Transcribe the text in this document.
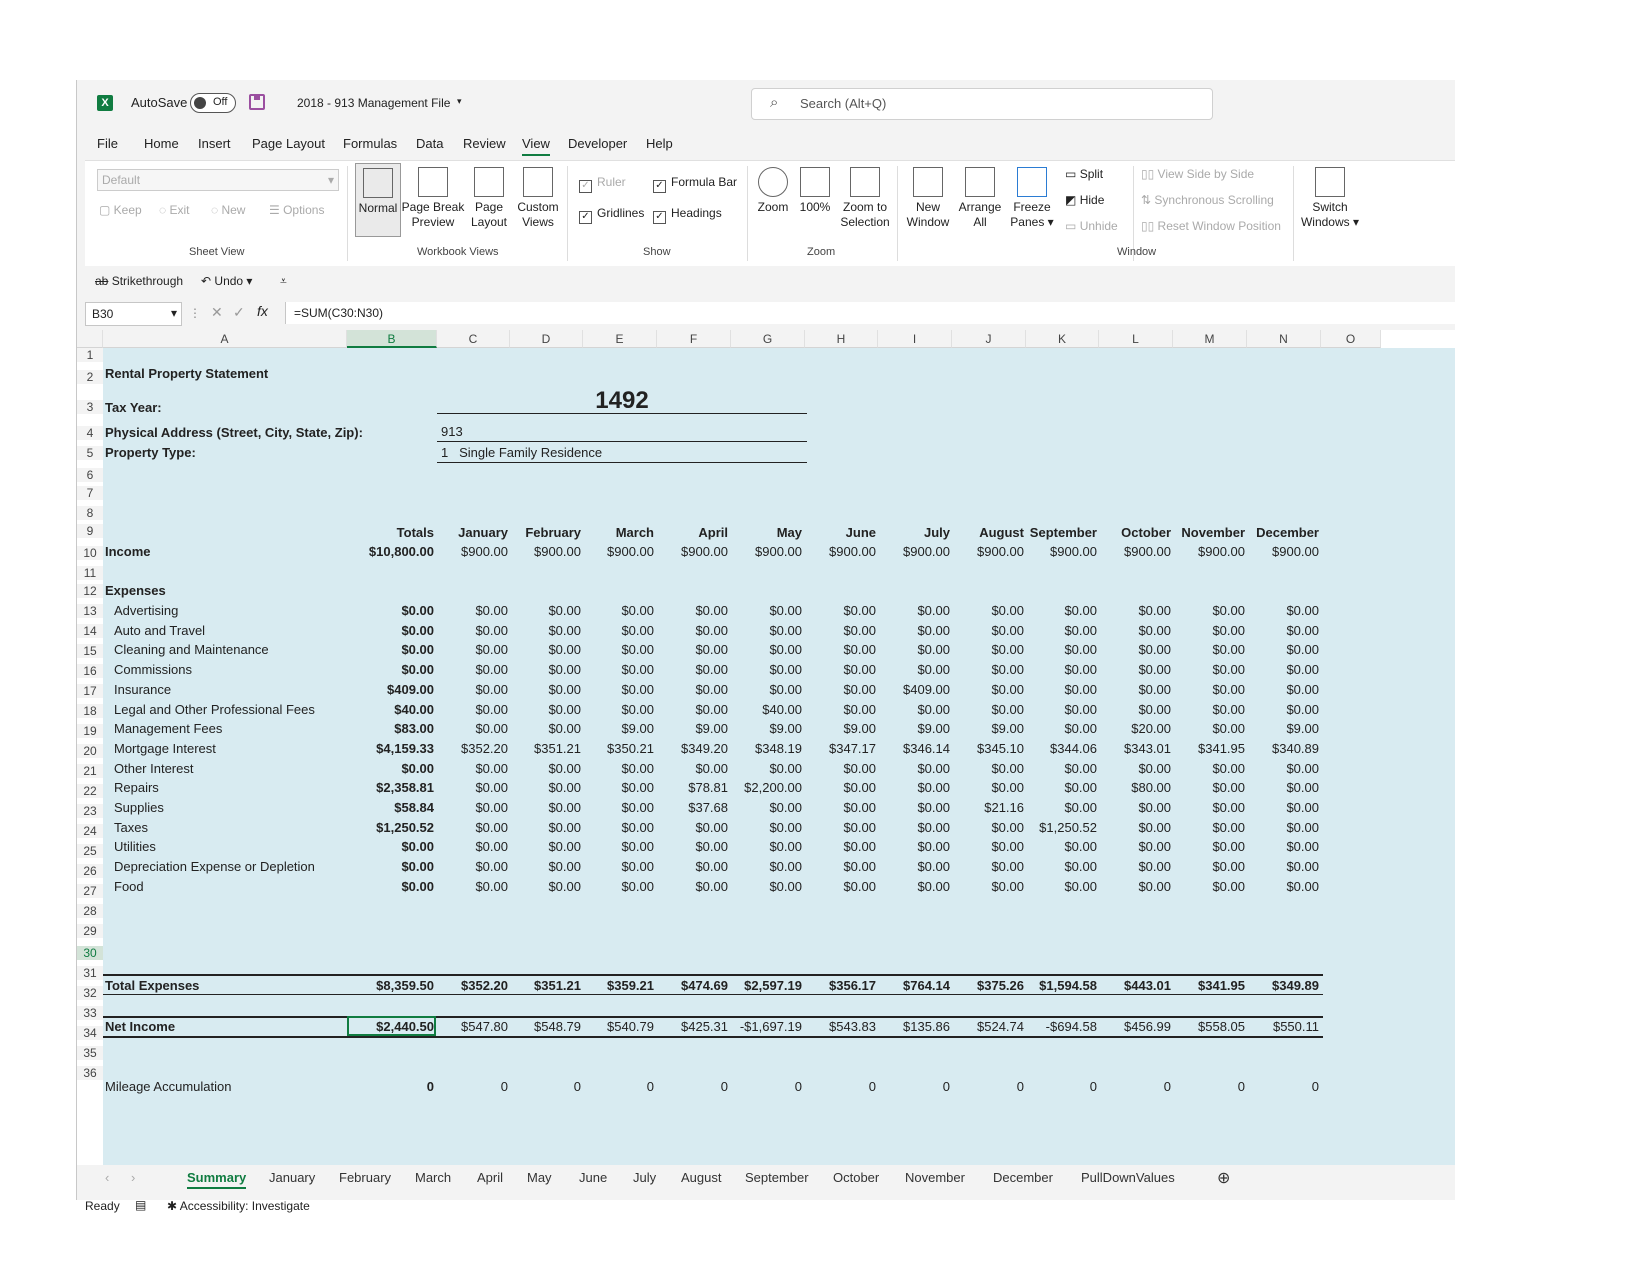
X	AutoSave Off	2018 - 913 Management File ▾	⌕ Search (Alt+Q)
File Home Insert Page Layout Formulas Data Review View Developer Help
Default	▾
▢ Keep ◌ Exit ◌ New ☰ Options
Sheet View
Normal Page Break
Preview
Page
Layout
Custom
Views
Workbook Views
✓ Ruler	✓ Formula Bar
✓ Gridlines ✓ Headings
Show
Zoom 100%	Zoom to
Selection
Zoom
New
Window
Arrange
All
Freeze
Panes ▾
▭ Split
◩ Hide
▭ Unhide
▯▯ View Side by Side
⇅ Synchronous Scrolling
▯▯ Reset Window Position
Switch
Windows ▾
Window
ab Strikethrough ↶ Undo ▾ ⩡
B30	▾ ⋮ ✕ ✓ fx =SUM(C30:N30)
A	B	C	D	E	F	G	H	I	J	K	L	M	N	O
1
2
3
4
5
6
7
8
9
10
11
12
13
14
15
16
17
18
19
20
21
22
23
24
25
26
27
28
29
30
31
32
33
34
35
36
Rental Property Statement
Tax Year:	1492
Physical Address (Street, City, State, Zip):	913
Property Type:	1 Single Family Residence
Totals	January	February	March	April	May	June	July	August September	October November December
Income	$10,800.00	$900.00	$900.00	$900.00	$900.00	$900.00	$900.00	$900.00	$900.00	$900.00	$900.00	$900.00	$900.00
Expenses
Advertising	$0.00	$0.00	$0.00	$0.00	$0.00	$0.00	$0.00	$0.00	$0.00	$0.00	$0.00	$0.00	$0.00
Auto and Travel	$0.00	$0.00	$0.00	$0.00	$0.00	$0.00	$0.00	$0.00	$0.00	$0.00	$0.00	$0.00	$0.00
Cleaning and Maintenance	$0.00	$0.00	$0.00	$0.00	$0.00	$0.00	$0.00	$0.00	$0.00	$0.00	$0.00	$0.00	$0.00
Commissions	$0.00	$0.00	$0.00	$0.00	$0.00	$0.00	$0.00	$0.00	$0.00	$0.00	$0.00	$0.00	$0.00
Insurance	$409.00	$0.00	$0.00	$0.00	$0.00	$0.00	$0.00	$409.00	$0.00	$0.00	$0.00	$0.00	$0.00
Legal and Other Professional Fees	$40.00	$0.00	$0.00	$0.00	$0.00	$40.00	$0.00	$0.00	$0.00	$0.00	$0.00	$0.00	$0.00
Management Fees	$83.00	$0.00	$0.00	$9.00	$9.00	$9.00	$9.00	$9.00	$9.00	$0.00	$20.00	$0.00	$9.00
Mortgage Interest	$4,159.33	$352.20	$351.21	$350.21	$349.20	$348.19	$347.17	$346.14	$345.10	$344.06	$343.01	$341.95	$340.89
Other Interest	$0.00	$0.00	$0.00	$0.00	$0.00	$0.00	$0.00	$0.00	$0.00	$0.00	$0.00	$0.00	$0.00
Repairs	$2,358.81	$0.00	$0.00	$0.00	$78.81	$2,200.00	$0.00	$0.00	$0.00	$0.00	$80.00	$0.00	$0.00
Supplies	$58.84	$0.00	$0.00	$0.00	$37.68	$0.00	$0.00	$0.00	$21.16	$0.00	$0.00	$0.00	$0.00
Taxes	$1,250.52	$0.00	$0.00	$0.00	$0.00	$0.00	$0.00	$0.00	$0.00	$1,250.52	$0.00	$0.00	$0.00
Utilities	$0.00	$0.00	$0.00	$0.00	$0.00	$0.00	$0.00	$0.00	$0.00	$0.00	$0.00	$0.00	$0.00
Depreciation Expense or Depletion	$0.00	$0.00	$0.00	$0.00	$0.00	$0.00	$0.00	$0.00	$0.00	$0.00	$0.00	$0.00	$0.00
Food	$0.00	$0.00	$0.00	$0.00	$0.00	$0.00	$0.00	$0.00	$0.00	$0.00	$0.00	$0.00	$0.00
Total Expenses	$8,359.50	$352.20	$351.21	$359.21	$474.69	$2,597.19	$356.17	$764.14	$375.26	$1,594.58	$443.01	$341.95	$349.89
Net Income	$2,440.50	$547.80	$548.79	$540.79	$425.31 -$1,697.19	$543.83	$135.86	$524.74	-$694.58	$456.99	$558.05	$550.11
Mileage Accumulation	0	0	0	0	0	0	0	0	0	0	0	0	0
‹ ›	Summary January February March April May June July August September October November December PullDownValues	⊕
Ready ▤ ✱ Accessibility: Investigate
